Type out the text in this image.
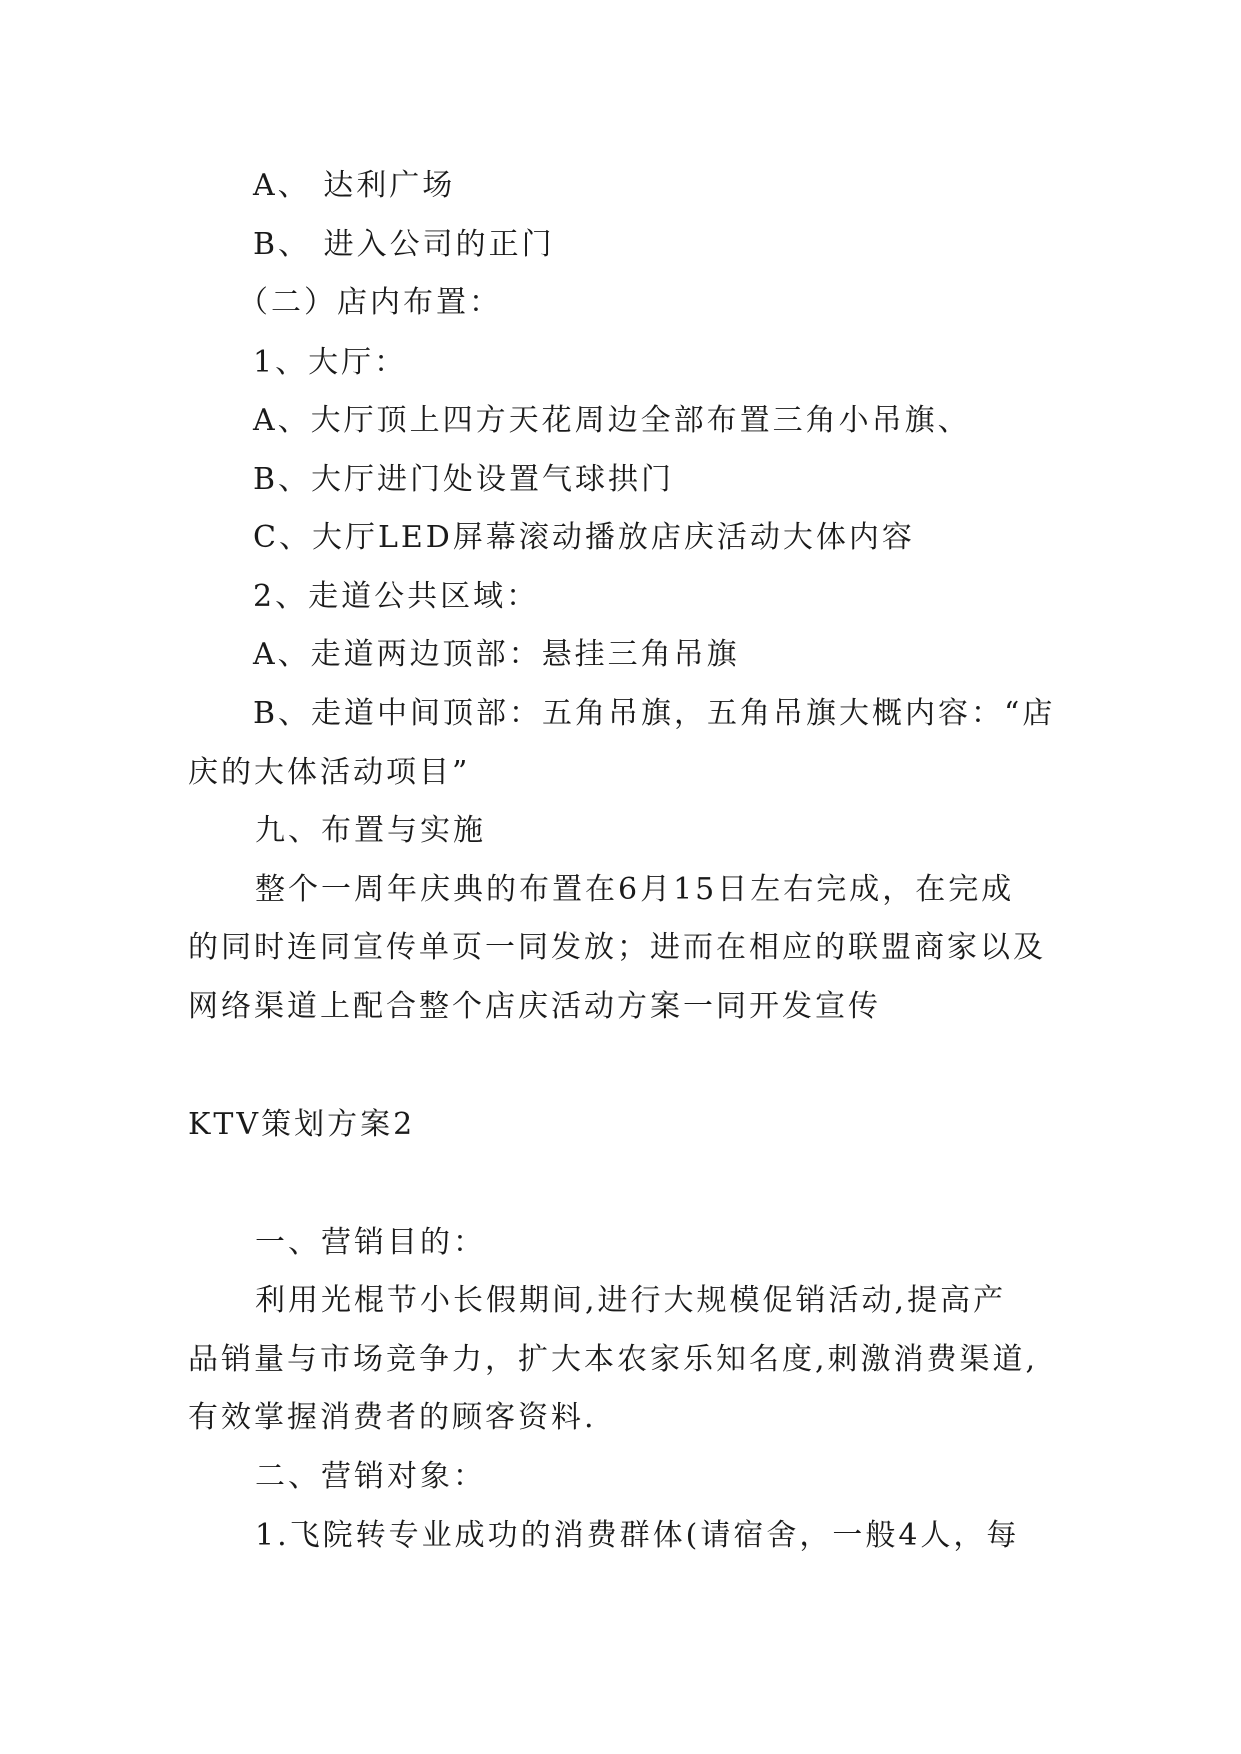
A、 达利广场
B、 进入公司的正门
（二）店内布置：
1、大厅：
A、大厅顶上四方天花周边全部布置三角小吊旗、
B、大厅进门处设置气球拱门
C、大厅LED屏幕滚动播放店庆活动大体内容
2、走道公共区域：
A、走道两边顶部：悬挂三角吊旗
B、走道中间顶部：五角吊旗，五角吊旗大概内容：“店
庆的大体活动项目”
九、布置与实施
整个一周年庆典的布置在6月15日左右完成，在完成
的同时连同宣传单页一同发放；进而在相应的联盟商家以及
网络渠道上配合整个店庆活动方案一同开发宣传
KTV策划方案2
一、营销目的：
利用光棍节小长假期间,进行大规模促销活动,提高产
品销量与市场竞争力，扩大本农家乐知名度,刺激消费渠道,
有效掌握消费者的顾客资料.
二、营销对象：
1.飞院转专业成功的消费群体(请宿舍，一般4人，每
